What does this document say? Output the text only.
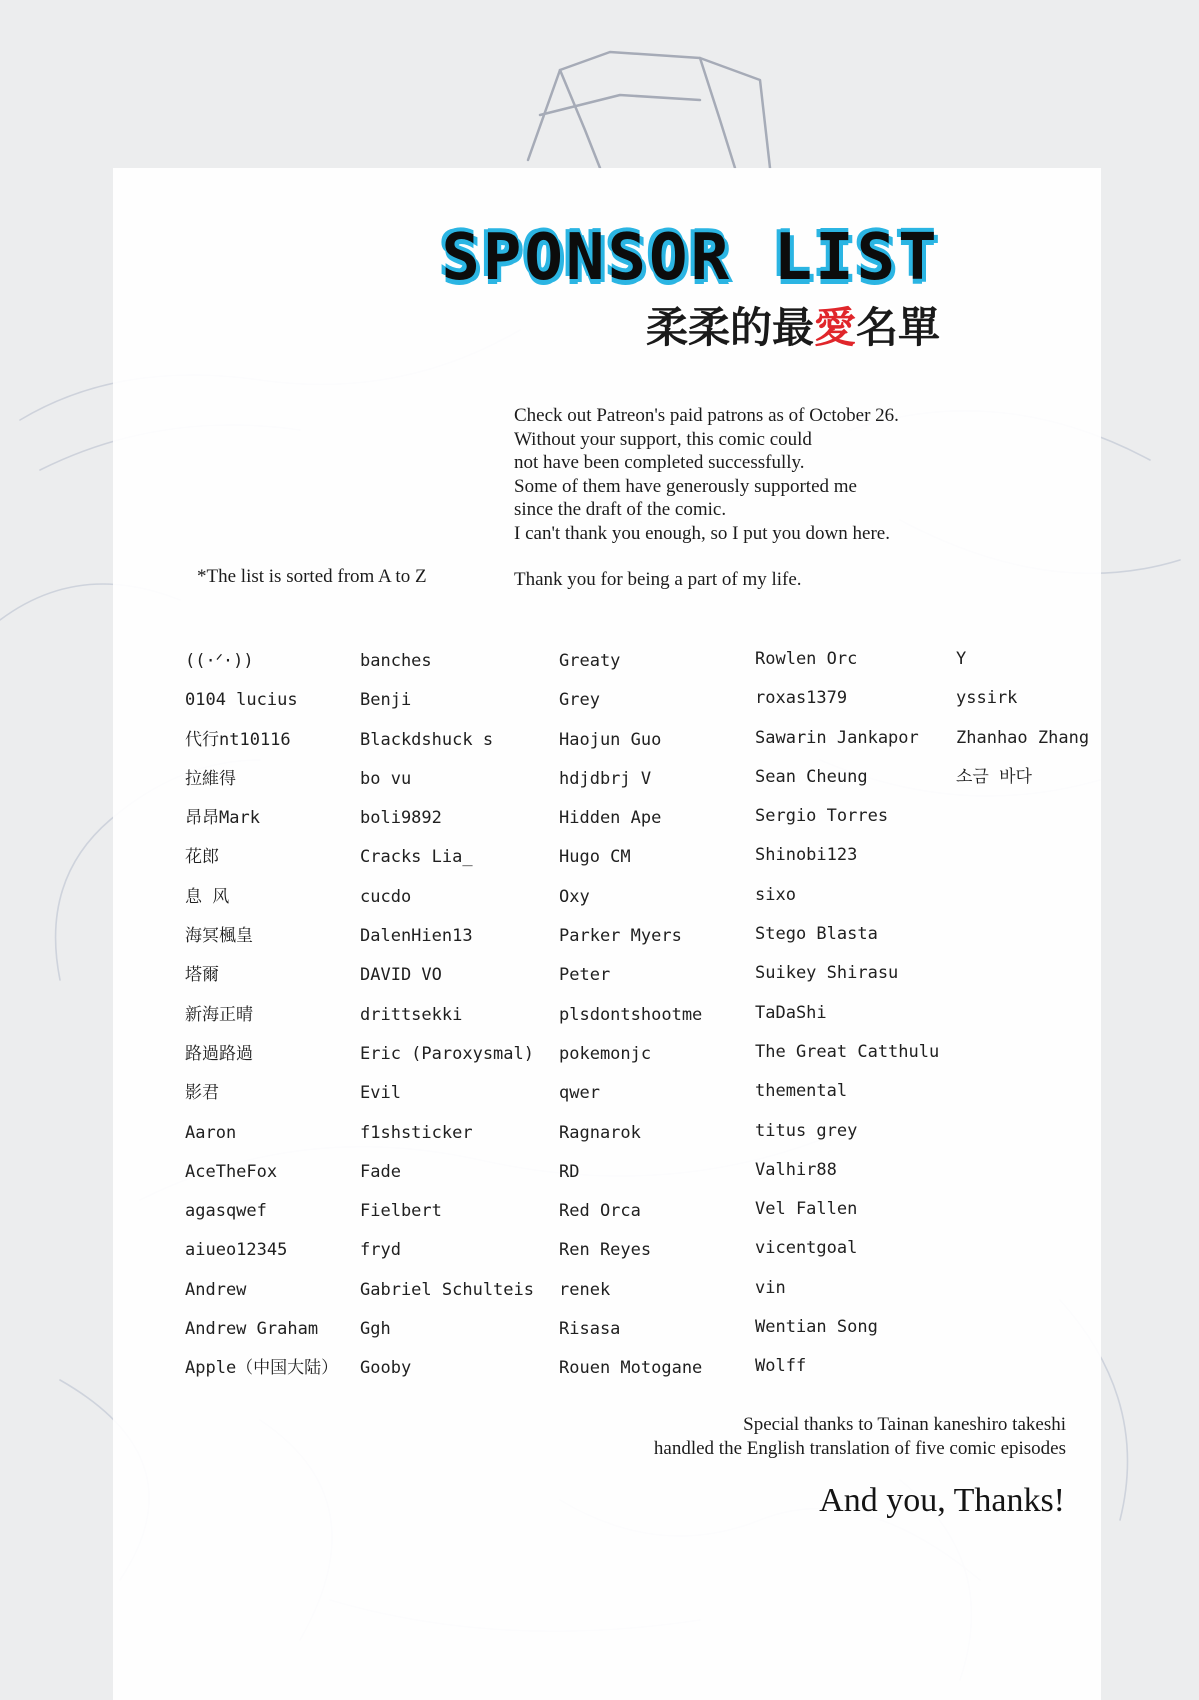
SPONSOR LIST
柔柔的最愛名單

Check out Patreon's paid patrons as of October 26.

Without your support, this comic could

not have been completed successfully.

Some of them have generously supported me

since the draft of the comic.

I can't thank you enough, so I put you down here.

Thank you for being a part of my life.

*The list is sorted from A to Z
((·ᐟ·))
0104 lucius
代行nt10116
拉維得
昂昂Mark
花郎
息 风
海冥楓皇
塔爾
新海正晴
路過路過
影君
Aaron
AceTheFox
agasqwef
aiueo12345
Andrew
Andrew Graham
Apple（中国大陆）
banches
Benji
Blackdshuck s
bo vu
boli9892
Cracks Lia_
cucdo
DalenHien13
DAVID VO
drittsekki
Eric (Paroxysmal)
Evil
f1shsticker
Fade
Fielbert
fryd
Gabriel Schulteis
Ggh
Gooby
Greaty
Grey
Haojun Guo
hdjdbrj V
Hidden Ape
Hugo CM
Oxy
Parker Myers
Peter
plsdontshootme
pokemonjc
qwer
Ragnarok
RD
Red Orca
Ren Reyes
renek
Risasa
Rouen Motogane
Rowlen Orc
roxas1379
Sawarin Jankapor
Sean Cheung
Sergio Torres
Shinobi123
sixo
Stego Blasta
Suikey Shirasu
TaDaShi
The Great Catthulu
themental
titus grey
Valhir88
Vel Fallen
vicentgoal
vin
Wentian Song
Wolff
Y
yssirk
Zhanhao Zhang
소금 바다

Special thanks to Tainan kaneshiro takeshi

handled the English translation of five comic episodes

And you, Thanks!
